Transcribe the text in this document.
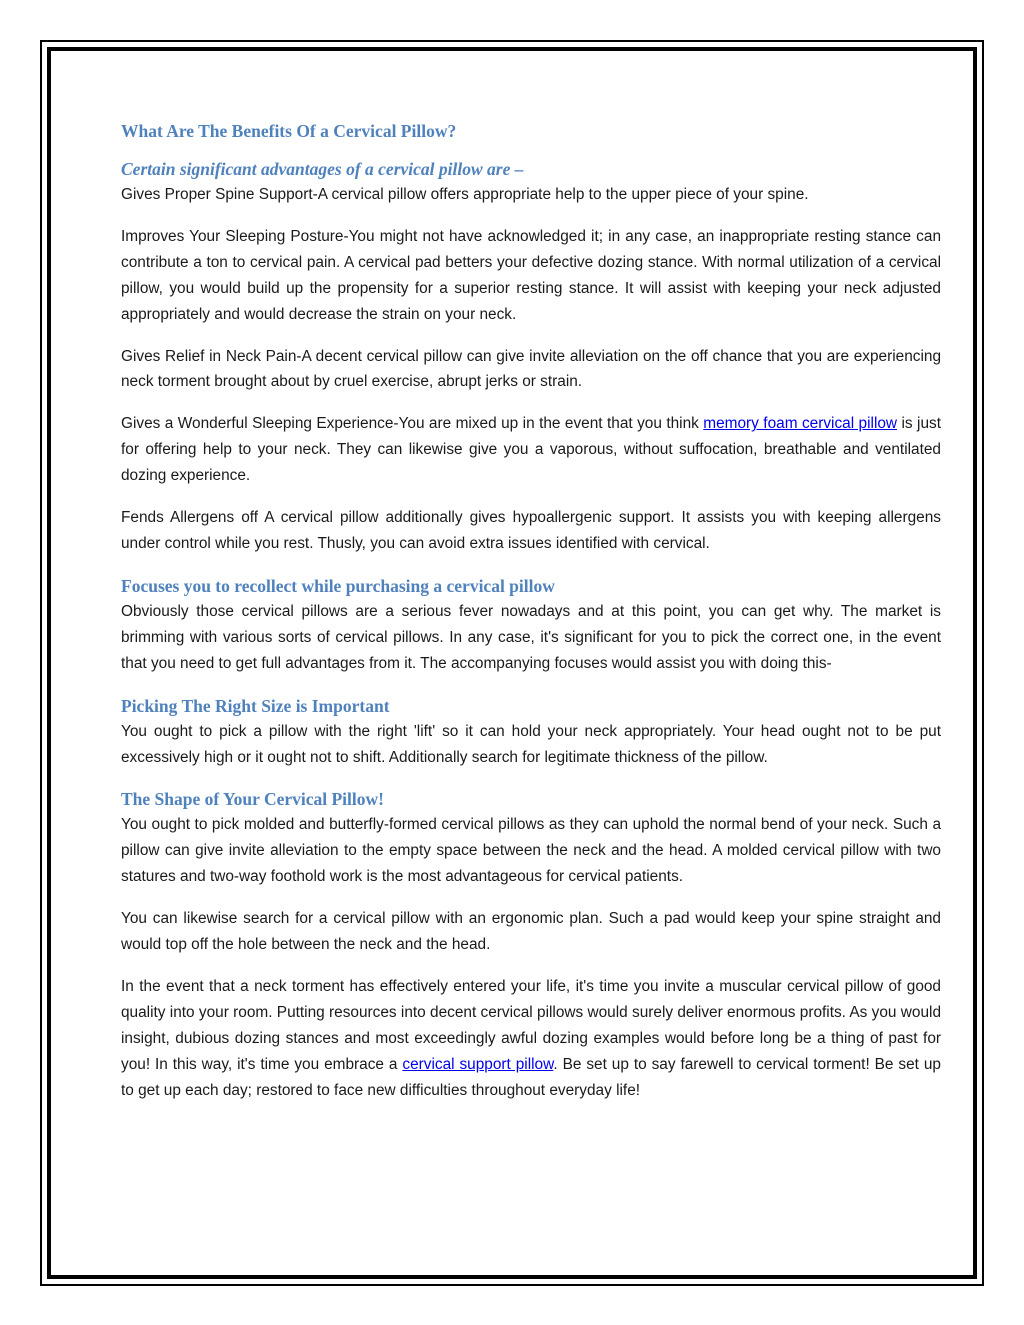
What Are The Benefits Of a Cervical Pillow?
Certain significant advantages of a cervical pillow are –

Gives Proper Spine Support-A cervical pillow offers appropriate help to the upper piece of your spine.

Improves Your Sleeping Posture-You might not have acknowledged it; in any case, an inappropriate resting stance can contribute a ton to cervical pain. A cervical pad betters your defective dozing stance. With normal utilization of a cervical pillow, you would build up the propensity for a superior resting stance. It will assist with keeping your neck adjusted appropriately and would decrease the strain on your neck.

Gives Relief in Neck Pain-A decent cervical pillow can give invite alleviation on the off chance that you are experiencing neck torment brought about by cruel exercise, abrupt jerks or strain.

Gives a Wonderful Sleeping Experience-You are mixed up in the event that you think memory foam cervical pillow is just for offering help to your neck. They can likewise give you a vaporous, without suffocation, breathable and ventilated dozing experience.

Fends Allergens off A cervical pillow additionally gives hypoallergenic support. It assists you with keeping allergens under control while you rest. Thusly, you can avoid extra issues identified with cervical.

Focuses you to recollect while purchasing a cervical pillow

Obviously those cervical pillows are a serious fever nowadays and at this point, you can get why. The market is brimming with various sorts of cervical pillows. In any case, it's significant for you to pick the correct one, in the event that you need to get full advantages from it. The accompanying focuses would assist you with doing this-

Picking The Right Size is Important

You ought to pick a pillow with the right 'lift' so it can hold your neck appropriately. Your head ought not to be put excessively high or it ought not to shift. Additionally search for legitimate thickness of the pillow.

The Shape of Your Cervical Pillow!

You ought to pick molded and butterfly-formed cervical pillows as they can uphold the normal bend of your neck. Such a pillow can give invite alleviation to the empty space between the neck and the head. A molded cervical pillow with two statures and two-way foothold work is the most advantageous for cervical patients.

You can likewise search for a cervical pillow with an ergonomic plan. Such a pad would keep your spine straight and would top off the hole between the neck and the head.

In the event that a neck torment has effectively entered your life, it's time you invite a muscular cervical pillow of good quality into your room. Putting resources into decent cervical pillows would surely deliver enormous profits. As you would insight, dubious dozing stances and most exceedingly awful dozing examples would before long be a thing of past for you! In this way, it's time you embrace a cervical support pillow. Be set up to say farewell to cervical torment! Be set up to get up each day; restored to face new difficulties throughout everyday life!
